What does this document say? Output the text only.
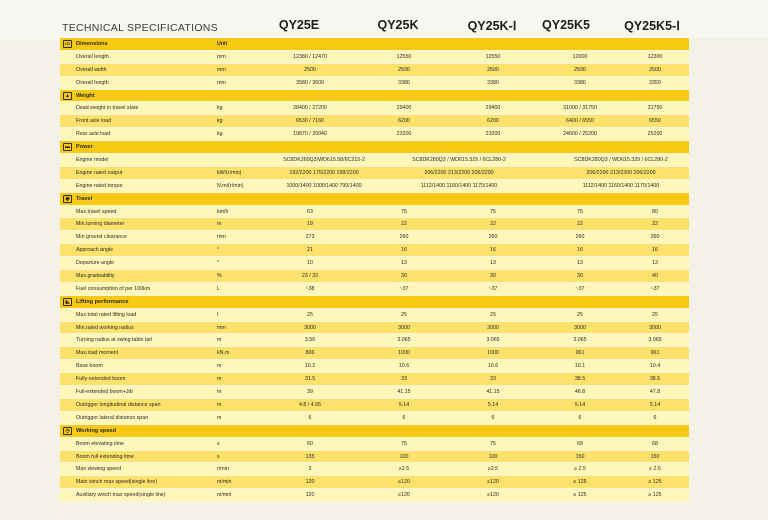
TECHNICAL SPECIFICATIONS	QY25E	QY25K	QY25K-Ⅰ	QY25K5	QY25K5-Ⅰ
▭	Dimensions	Unit
Overall length	mm	12380 / 12470	12550	12550	12000	12300
Overall width	mm	2500	2500	2500	2500	2500
Overall heigth	mm	3580 / 3600	3380	3380	3380	3350
▲	Weight
Dead weight in travel state	kg	28400 / 27200	29400	29400	31000 / 31750	31750
Front axle load	kg	6530 / 7160	6200	6200	6400 / 6550	6550
Rear axle load	kg	19870 / 20040	23200	23200	24600 / 25200	25200
▬	Power
Engine model	SC8DK260Q3/WD615.58/6C215-2	SC8DK280Q3 / WD615.329 / 6CL280-2	SC8DK280Q3 / WD615.329 / 6CL280-2
Engine rated output	kW/(r/min)	192/2200 175/2200 158/2200	206/2200 213/2200 206/2200	206/2200 213/2200 206/2200
Engine rated torque	N.m/(r/min)	1000/1400 1000/1400 790/1400	1112/1400 1160/1400 1170/1400	1112/1400 1160/1400 1170/1400
◉	Travel
Max.travel speed	km/h	63	75	75	75	80
Min.turning diameter	m	19	22	22	22	22
Min.ground clearance	mm	273	260	260	260	260
Approach angle	°	21	16	16	16	16
Departure angle	°	10	13	13	13	13
Max.gradeability	%	23 / 32	30	30	30	40
Fuel consumption of per 100km	L	~38	~37	~37	~37	~37
◣	Lifting performance
Max.total rated lifting load	t	25	25	25	25	25
Min.rated working radius	mm	3000	3000	3000	3000	3000
Turning radius at swing table tail	m	3.56	3.065	3.065	3.065	3.065
Max.load moment	kN.m	806	1000	1000	961	961
Base boom	m	10.2	10.6	10.6	10.1	10.4
Fully-extended boom	m	31.5	33	33	38.5	38.5
Full-extended boom+Jib	m	39	41.15	41.15	46.8	47.8
Outrigger longitudinal distance span	m	4.8 / 4.95	5.14	5.14	5.14	5.14
Outrigger lateral distance span	m	6	6	6	6	6
◷	Working speed
Boom elevating time	s	60	75	75	68	68
Boom full extending time	s	135	100	100	150	150
Max slewing speed	r/min	3	≥2.5	≥2.5	≥ 2.5	≥ 2.5
Main winch max speed(single line)	m/min	120	≥120	≥120	≥ 125	≥ 125
Auxiliary winch max speed(single line)	m/min	120	≥120	≥120	≥ 125	≥ 125
